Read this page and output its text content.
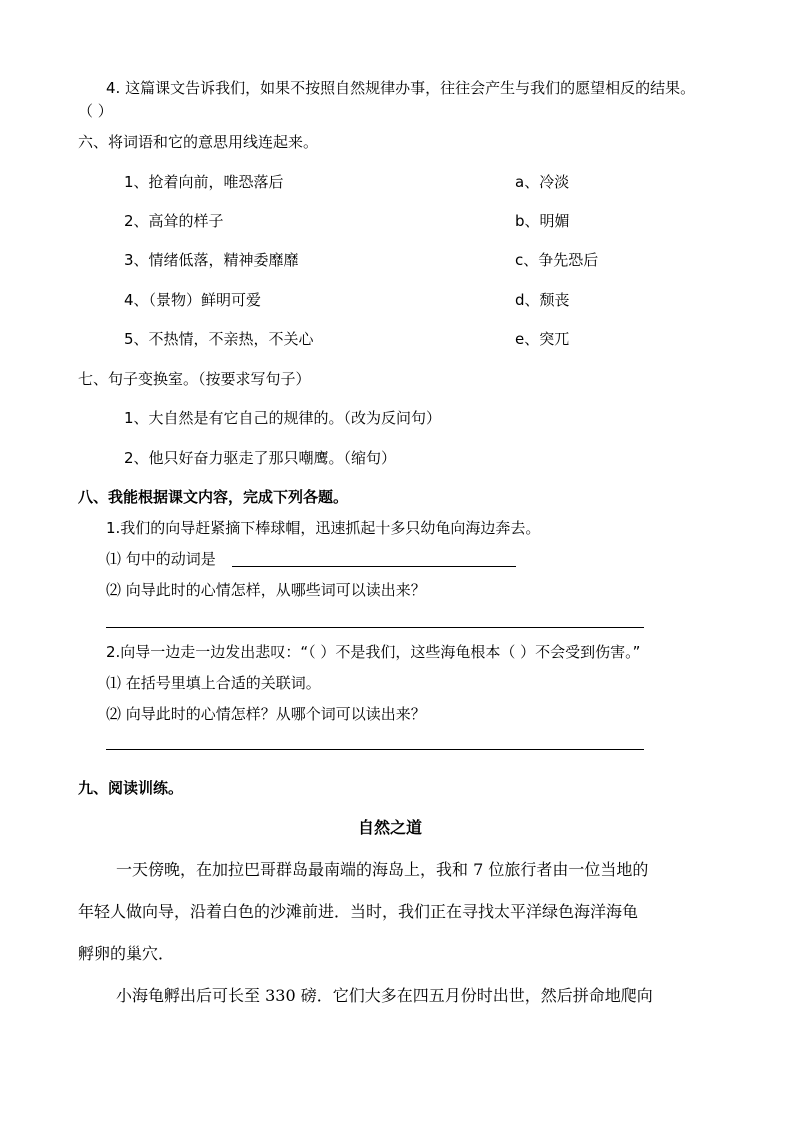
4. 这篇课文告诉我们，如果不按照自然规律办事，往往会产生与我们的愿望相反的结果。
（ ）
六、将词语和它的意思用线连起来。
1、抢着向前，唯恐落后
2、高耸的样子
3、情绪低落，精神委靡靡
4、（景物）鲜明可爱
5、不热情，不亲热，不关心
a、冷淡
b、明媚
c、争先恐后
d、颓丧
e、突兀
七、句子变换室。（按要求写句子）
1、大自然是有它自己的规律的。（改为反问句）
2、他只好奋力驱走了那只嘲鹰。（缩句）
八、我能根据课文内容，完成下列各题。
1.我们的向导赶紧摘下棒球帽，迅速抓起十多只幼龟向海边奔去。
⑴ 句中的动词是
⑵ 向导此时的心情怎样，从哪些词可以读出来？
2.向导一边走一边发出悲叹：“（ ）不是我们，这些海龟根本（ ）不会受到伤害。”
⑴ 在括号里填上合适的关联词。
⑵ 向导此时的心情怎样？从哪个词可以读出来？
九、阅读训练。
自然之道
一天傍晚，在加拉巴哥群岛最南端的海岛上，我和 7 位旅行者由一位当地的
年轻人做向导，沿着白色的沙滩前进．当时，我们正在寻找太平洋绿色海洋海龟
孵卵的巢穴．
小海龟孵出后可长至 330 磅．它们大多在四五月份时出世，然后拼命地爬向
